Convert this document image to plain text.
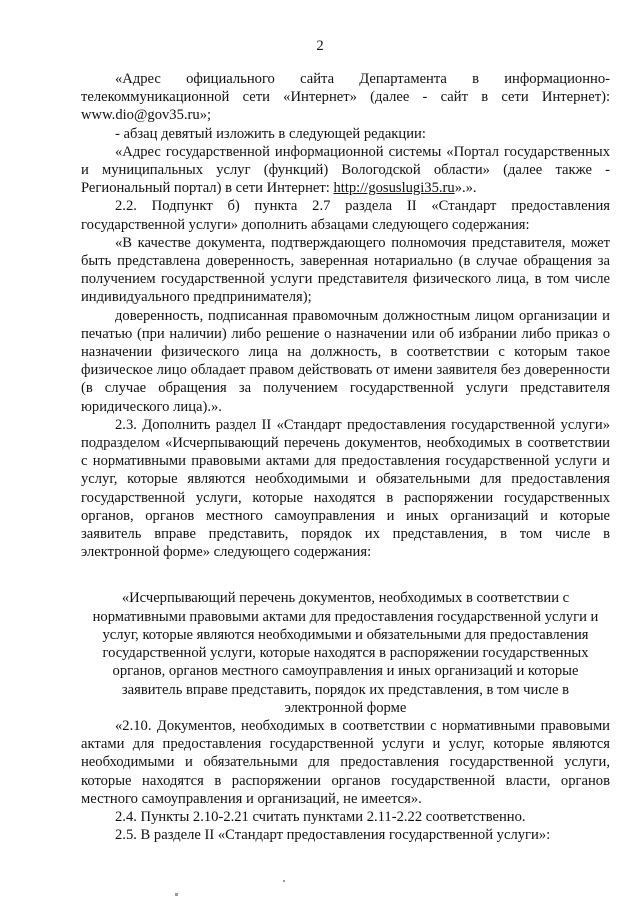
2

«Адрес официального сайта Департамента в информационно-телекоммуникационной сети «Интернет» (далее - сайт в сети Интернет): www.dio@gov35.ru»;

- абзац девятый изложить в следующей редакции:

«Адрес государственной информационной системы «Портал государственных и муниципальных услуг (функций) Вологодской области» (далее также - Региональный портал) в сети Интернет: http://gosuslugi35.ru».».

2.2. Подпункт б) пункта 2.7 раздела II «Стандарт предоставления государственной услуги» дополнить абзацами следующего содержания:

«В качестве документа, подтверждающего полномочия представителя, может быть представлена доверенность, заверенная нотариально (в случае обращения за получением государственной услуги представителя физического лица, в том числе индивидуального предпринимателя);

доверенность, подписанная правомочным должностным лицом организации и печатью (при наличии) либо решение о назначении или об избрании либо приказ о назначении физического лица на должность, в соответствии с которым такое физическое лицо обладает правом действовать от имени заявителя без доверенности (в случае обращения за получением государственной услуги представителя юридического лица).».

2.3. Дополнить раздел II «Стандарт предоставления государственной услуги» подразделом «Исчерпывающий перечень документов, необходимых в соответствии с нормативными правовыми актами для предоставления государственной услуги и услуг, которые являются необходимыми и обязательными для предоставления государственной услуги, которые находятся в распоряжении государственных органов, органов местного самоуправления и иных организаций и которые заявитель вправе представить, порядок их представления, в том числе в электронной форме» следующего содержания:

«Исчерпывающий перечень документов, необходимых в соответствии с нормативными правовыми актами для предоставления государственной услуги и услуг, которые являются необходимыми и обязательными для предоставления государственной услуги, которые находятся в распоряжении государственных органов, органов местного самоуправления и иных организаций и которые заявитель вправе представить, порядок их представления, в том числе в электронной форме

«2.10. Документов, необходимых в соответствии с нормативными правовыми актами для предоставления государственной услуги и услуг, которые являются необходимыми и обязательными для предоставления государственной услуги, которые находятся в распоряжении органов государственной власти, органов местного самоуправления и организаций, не имеется».

2.4. Пункты 2.10-2.21 считать пунктами 2.11-2.22 соответственно.

2.5. В разделе II «Стандарт предоставления государственной услуги»:
